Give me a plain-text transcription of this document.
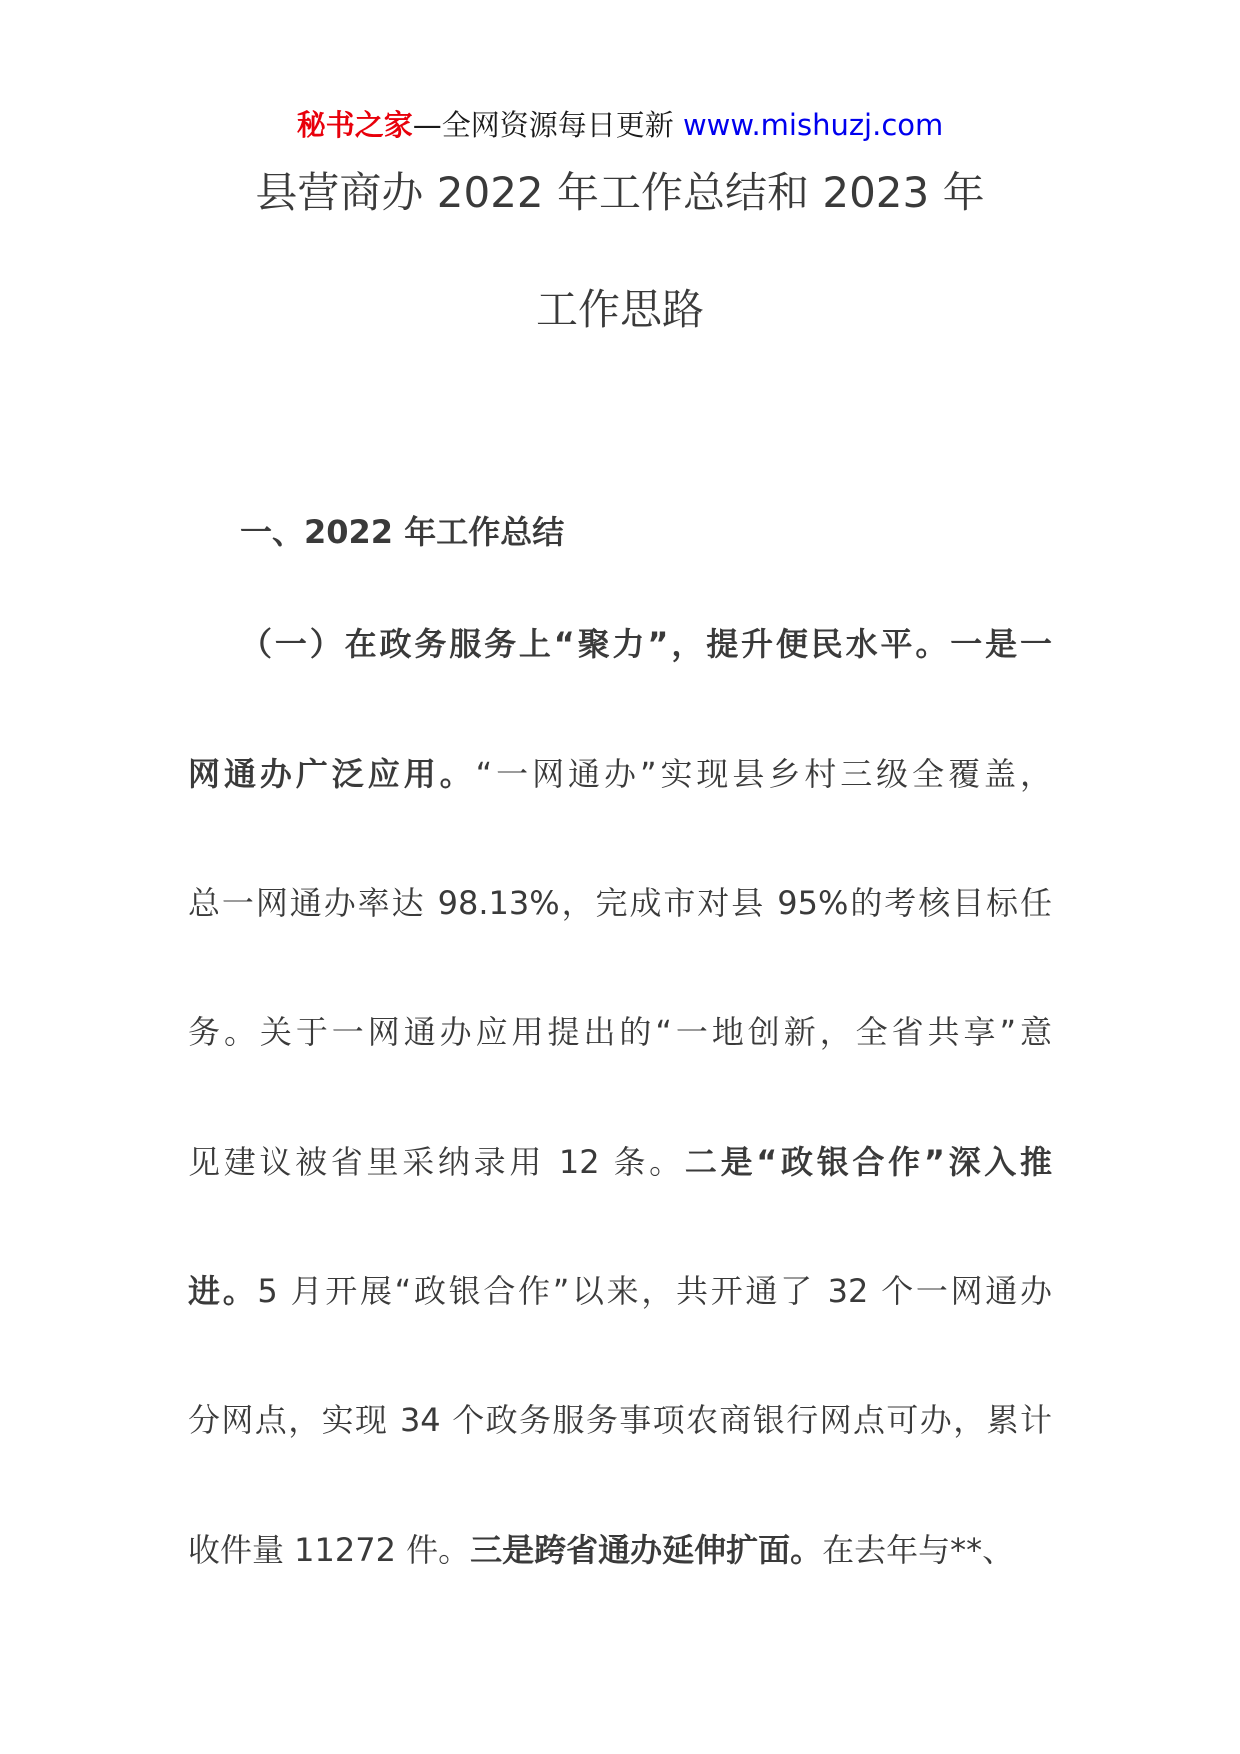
秘书之家—全网资源每日更新 www.mishuzj.com
县营商办 2022 年工作总结和 2023 年
工作思路
一、2022 年工作总结
（一）在政务服务上“聚力”，提升便民水平。一是一
网通办广泛应用。“一网通办”实现县乡村三级全覆盖，
总一网通办率达 98.13%，完成市对县 95%的考核目标任
务。关于一网通办应用提出的“一地创新，全省共享”意
见建议被省里采纳录用 12 条。二是“政银合作”深入推
进。5 月开展“政银合作”以来，共开通了 32 个一网通办
分网点，实现 34 个政务服务事项农商银行网点可办，累计
收件量 11272 件。三是跨省通办延伸扩面。在去年与**、
